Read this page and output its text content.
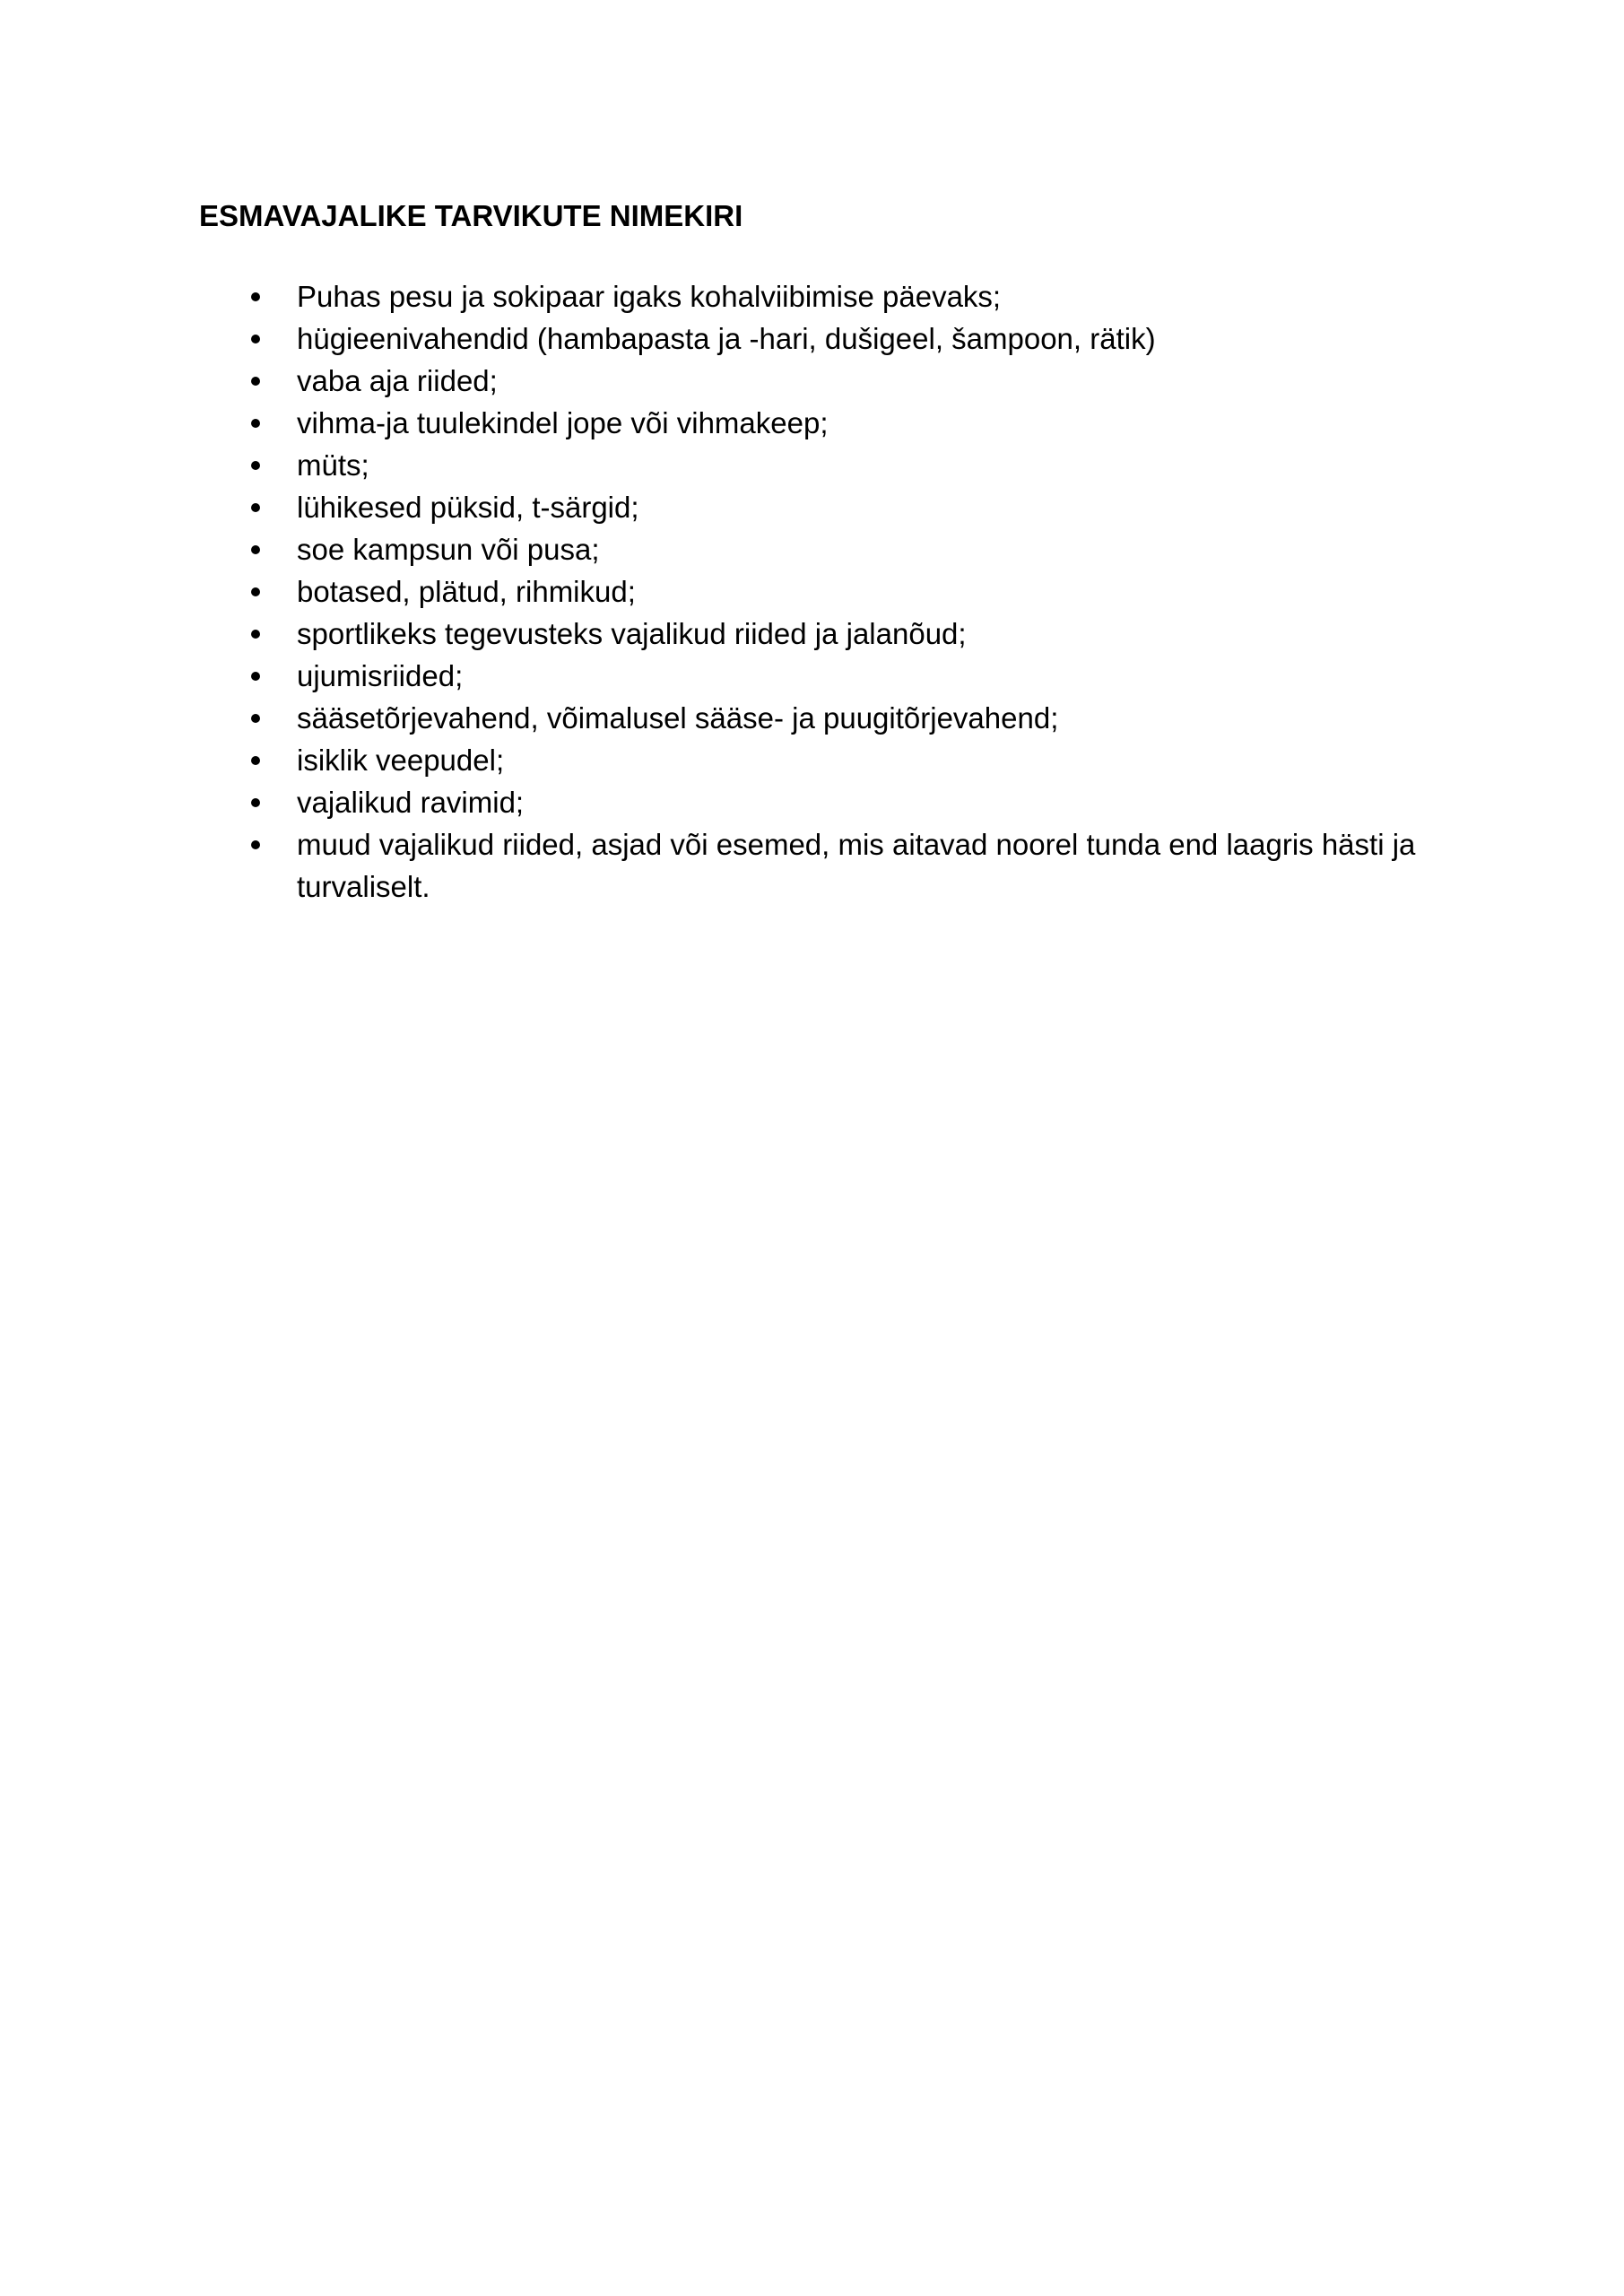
ESMAVAJALIKE TARVIKUTE NIMEKIRI
Puhas pesu ja sokipaar igaks kohalviibimise päevaks;
hügieenivahendid (hambapasta ja -hari, dušigeel, šampoon, rätik)
vaba aja riided;
vihma-ja tuulekindel jope või vihmakeep;
müts;
lühikesed püksid, t-särgid;
soe kampsun või pusa;
botased, plätud, rihmikud;
sportlikeks tegevusteks vajalikud riided ja jalanõud;
ujumisriided;
sääsetõrjevahend, võimalusel sääse- ja puugitõrjevahend;
isiklik veepudel;
vajalikud ravimid;
muud vajalikud riided, asjad või esemed, mis aitavad noorel tunda end laagris hästi ja turvaliselt.
